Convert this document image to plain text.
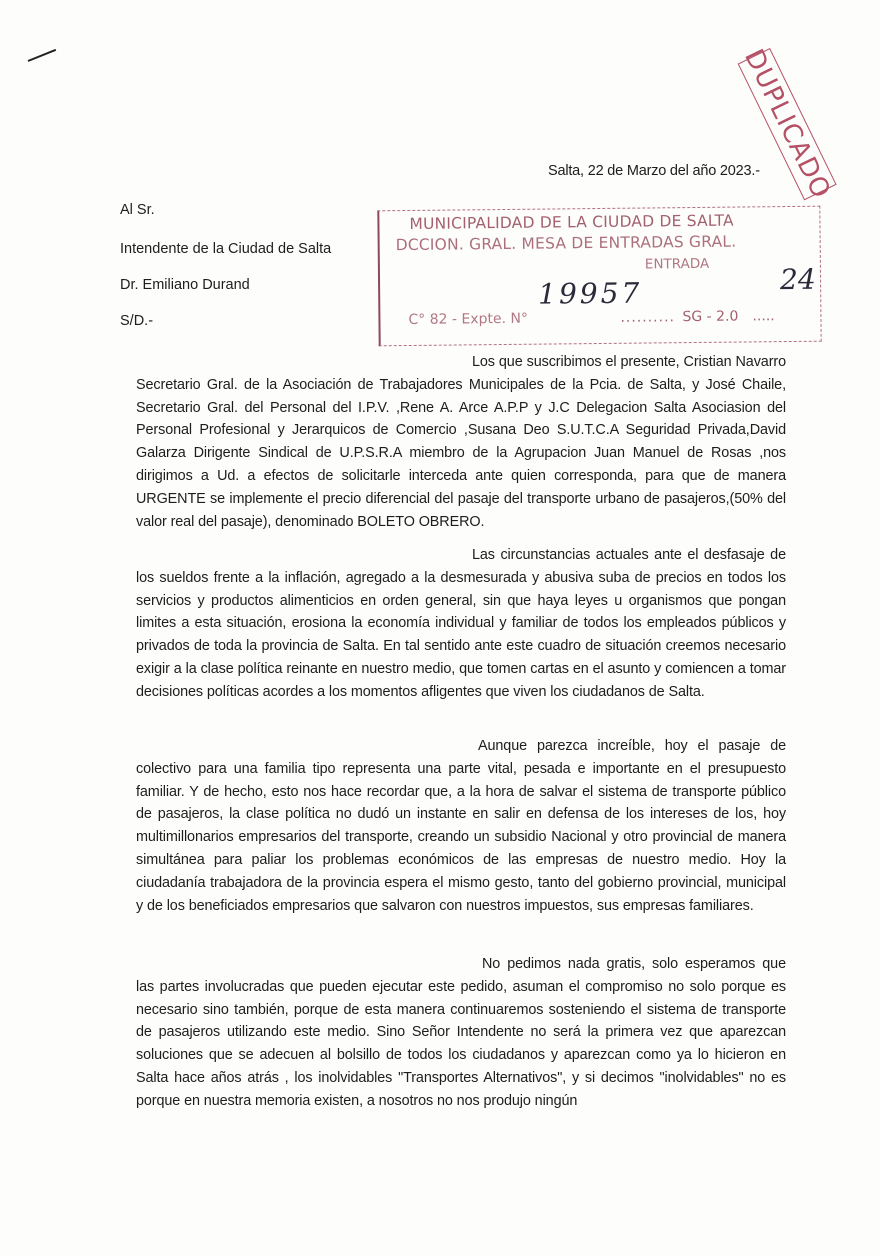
DUPLICADO
Salta, 22 de Marzo del año 2023.-
Al Sr.
Intendente de la Ciudad de Salta
Dr. Emiliano Durand
S/D.-
MUNICIPALIDAD DE LA CIUDAD DE SALTA
DCCION. GRAL. MESA DE ENTRADAS GRAL.
ENTRADA
C° 82 - Expte. N°
19957
.......... SG - 2.0 .....
24

Los que suscribimos el presente, Cristian Navarro Secretario Gral. de la Asociación de Trabajadores Municipales de la Pcia. de Salta, y José Chaile, Secretario Gral. del Personal del I.P.V. ,Rene A. Arce A.P.P y J.C Delegacion Salta Asociasion del Personal Profesional y Jerarquicos de Comercio ,Susana Deo S.U.T.C.A Seguridad Privada,David Galarza Dirigente Sindical de U.P.S.R.A miembro de la Agrupacion Juan Manuel de Rosas ,nos dirigimos a Ud. a efectos de solicitarle interceda ante quien corresponda, para que de manera URGENTE se implemente el precio diferencial del pasaje del transporte urbano de pasajeros,(50% del valor real del pasaje), denominado BOLETO OBRERO.

Las circunstancias actuales ante el desfasaje de los sueldos frente a la inflación, agregado a la desmesurada y abusiva suba de precios en todos los servicios y productos alimenticios en orden general, sin que haya leyes u organismos que pongan limites a esta situación, erosiona la economía individual y familiar de todos los empleados públicos y privados de toda la provincia de Salta. En tal sentido ante este cuadro de situación creemos necesario exigir a la clase política reinante en nuestro medio, que tomen cartas en el asunto y comiencen a tomar decisiones políticas acordes a los momentos afligentes que viven los ciudadanos de Salta.

Aunque parezca increíble, hoy el pasaje de colectivo para una familia tipo representa una parte vital, pesada e importante en el presupuesto familiar. Y de hecho, esto nos hace recordar que, a la hora de salvar el sistema de transporte público de pasajeros, la clase política no dudó un instante en salir en defensa de los intereses de los, hoy multimillonarios empresarios del transporte, creando un subsidio Nacional y otro provincial de manera simultánea para paliar los problemas económicos de las empresas de nuestro medio. Hoy la ciudadanía trabajadora de la provincia espera el mismo gesto, tanto del gobierno provincial, municipal y de los beneficiados empresarios que salvaron con nuestros impuestos, sus empresas familiares.

No pedimos nada gratis, solo esperamos que las partes involucradas que pueden ejecutar este pedido, asuman el compromiso no solo porque es necesario sino también, porque de esta manera continuaremos sosteniendo el sistema de transporte de pasajeros utilizando este medio. Sino Señor Intendente no será la primera vez que aparezcan soluciones que se adecuen al bolsillo de todos los ciudadanos y aparezcan como ya lo hicieron en Salta hace años atrás , los inolvidables "Transportes Alternativos", y si decimos "inolvidables" no es porque en nuestra memoria existen, a nosotros no nos produjo ningún
